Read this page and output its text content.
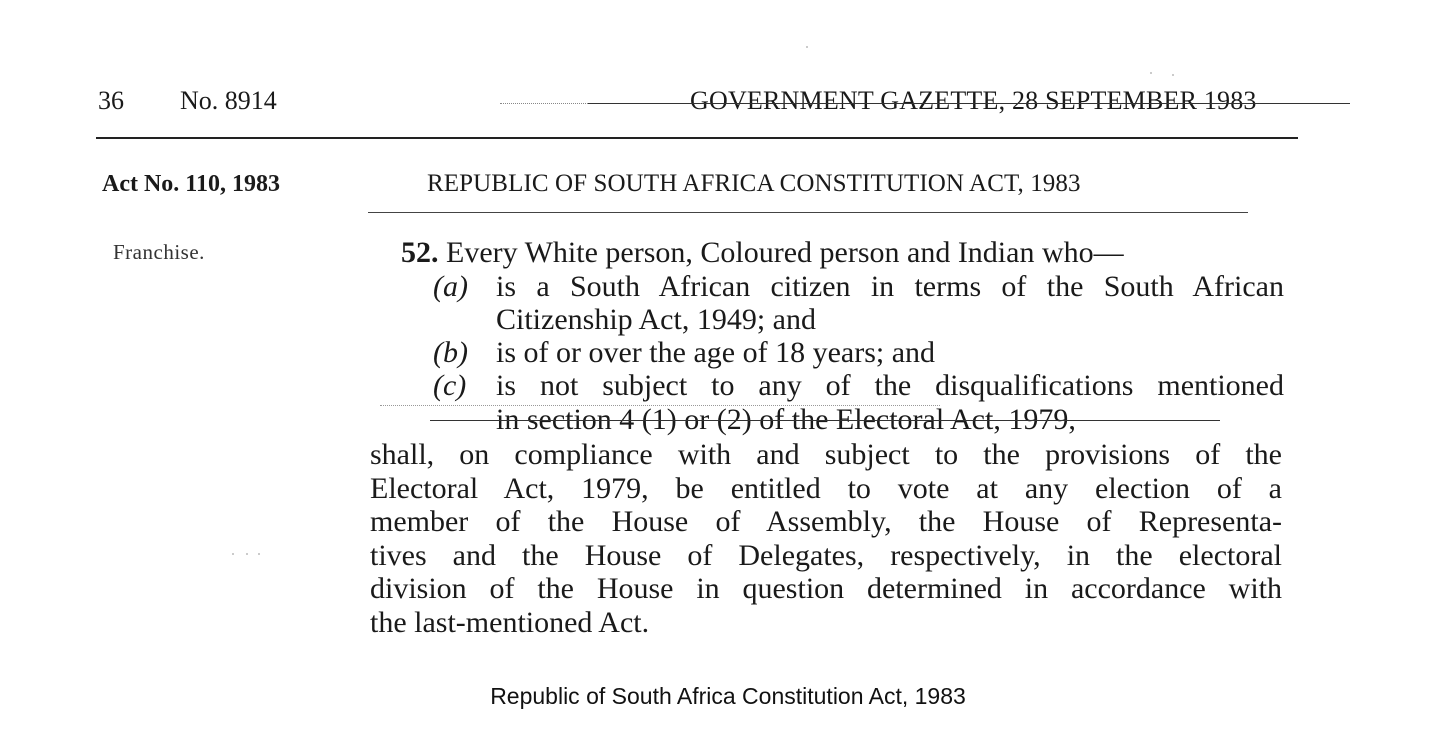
36 No. 8914	GOVERNMENT GAZETTE, 28 SEPTEMBER 1983
Act No. 110, 1983	REPUBLIC OF SOUTH AFRICA CONSTITUTION ACT, 1983
Franchise.	52. Every White person, Coloured person and Indian who—
(a) is a South African citizen in terms of the South African
Citizenship Act, 1949; and
(b) is of or over the age of 18 years; and
(c) is not subject to any of the disqualifications mentioned
in section 4 (1) or (2) of the Electoral Act, 1979,
shall, on compliance with and subject to the provisions of the
Electoral Act, 1979, be entitled to vote at any election of a
member of the House of Assembly, the House of Representa-
tives and the House of Delegates, respectively, in the electoral
division of the House in question determined in accordance with
the last-mentioned Act.
Republic of South Africa Constitution Act, 1983
